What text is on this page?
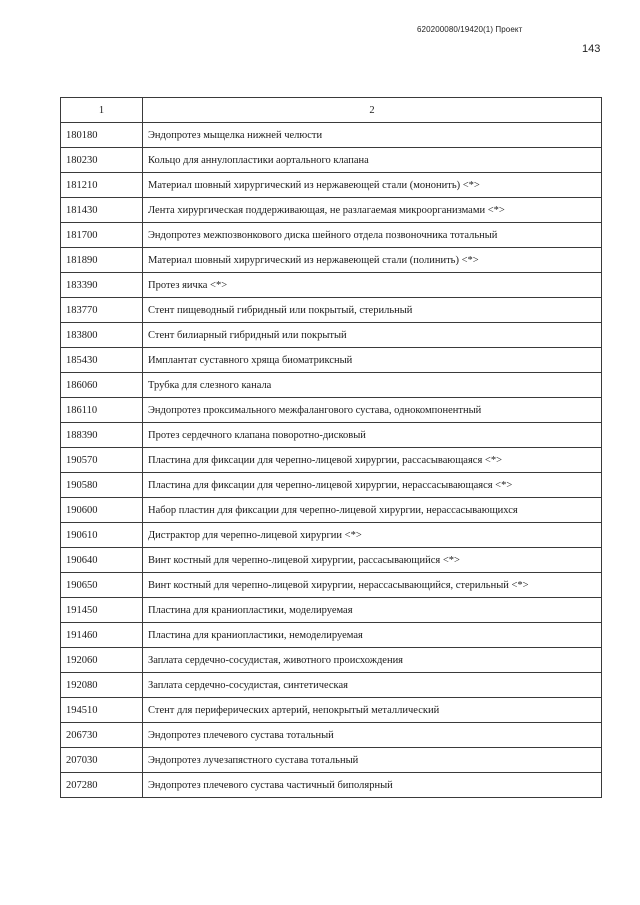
620200080/19420(1) Проект
143
1	2
180180	Эндопротез мыщелка нижней челюсти
180230	Кольцо для аннулопластики аортального клапана
181210	Материал шовный хирургический из нержавеющей стали (мононить) <*>
181430	Лента хирургическая поддерживающая, не разлагаемая микроорганизмами <*>
181700	Эндопротез межпозвонкового диска шейного отдела позвоночника тотальный
181890	Материал шовный хирургический из нержавеющей стали (полинить) <*>
183390	Протез яичка <*>
183770	Стент пищеводный гибридный или покрытый, стерильный
183800	Стент билиарный гибридный или покрытый
185430	Имплантат суставного хряща биоматриксный
186060	Трубка для слезного канала
186110	Эндопротез проксимального межфалангового сустава, однокомпонентный
188390	Протез сердечного клапана поворотно-дисковый
190570	Пластина для фиксации для черепно-лицевой хирургии, рассасывающаяся <*>
190580	Пластина для фиксации для черепно-лицевой хирургии, нерассасывающаяся <*>
190600	Набор пластин для фиксации для черепно-лицевой хирургии, нерассасывающихся
190610	Дистрактор для черепно-лицевой хирургии <*>
190640	Винт костный для черепно-лицевой хирургии, рассасывающийся <*>
190650	Винт костный для черепно-лицевой хирургии, нерассасывающийся, стерильный <*>
191450	Пластина для краниопластики, моделируемая
191460	Пластина для краниопластики, немоделируемая
192060	Заплата сердечно-сосудистая, животного происхождения
192080	Заплата сердечно-сосудистая, синтетическая
194510	Стент для периферических артерий, непокрытый металлический
206730	Эндопротез плечевого сустава тотальный
207030	Эндопротез лучезапястного сустава тотальный
207280	Эндопротез плечевого сустава частичный биполярный
